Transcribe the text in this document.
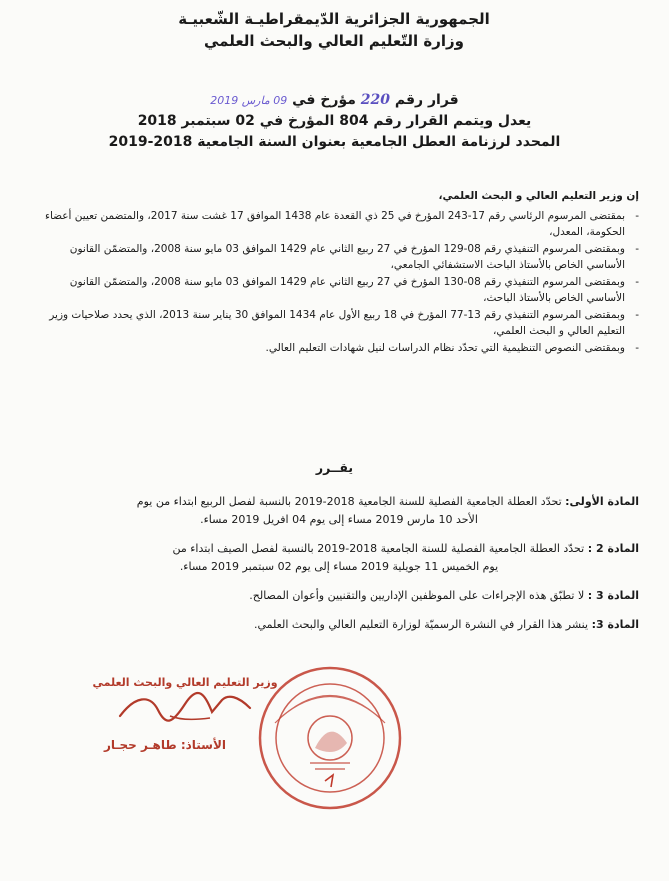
الجمهورية الجزائرية الدّيمقراطيـة الشّعبيـة
وزارة التّعليم العالي والبحث العلمي
قرار رقم 220 مؤرخ في 09 مارس 2019
يعدل ويتمم القرار رقم 804 المؤرخ في 02 سبتمبر 2018
المحدد لرزنامة العطل الجامعية بعنوان السنة الجامعية 2018-2019
إن وزير التعليم العالي و البحث العلمي،
- بمقتضى المرسوم الرئاسي رقم 17-243 المؤرخ في 25 ذي القعدة عام 1438 الموافق 17 غشت سنة 2017، والمتضمن تعيين أعضاء الحكومة، المعدل،
- وبمقتضى المرسوم التنفيذي رقم 08-129 المؤرخ في 27 ربيع الثاني عام 1429 الموافق 03 مايو سنة 2008، والمتضمّن القانون الأساسي الخاص بالأستاذ الباحث الاستشفائي الجامعي،
- وبمقتضى المرسوم التنفيذي رقم 08-130 المؤرخ في 27 ربيع الثاني عام 1429 الموافق 03 مايو سنة 2008، والمتضمّن القانون الأساسي الخاص بالأستاذ الباحث،
- وبمقتضى المرسوم التنفيذي رقم 13-77 المؤرخ في 18 ربيع الأول عام 1434 الموافق 30 يناير سنة 2013، الذي يحدد صلاحيات وزير التعليم العالي و البحث العلمي،
- وبمقتضى النصوص التنظيمية التي تحدّد نظام الدراسات لنيل شهادات التعليم العالي.
يقــرر
المادة الأولى: تحدّد العطلة الجامعية الفصلية للسنة الجامعية 2018-2019 بالنسبة لفصل الربيع ابتداء من يوم
الأحد 10 مارس 2019 مساء إلى يوم 04 افريل 2019 مساء.
المادة 2 : تحدّد العطلة الجامعية الفصلية للسنة الجامعية 2018-2019 بالنسبة لفصل الصيف ابتداء من
يوم الخميس 11 جويلية 2019 مساء إلى يوم 02 سبتمبر 2019 مساء.
المادة 3 : لا تطبّق هذه الإجراءات على الموظفين الإداريين والتقنيين وأعوان المصالح.
المادة 3: ينشر هذا القرار في النشرة الرسميّة لوزارة التعليم العالي والبحث العلمي.
وزير التعليم العالي والبحث العلمي
الأستاذ: طاهـر حجـار
